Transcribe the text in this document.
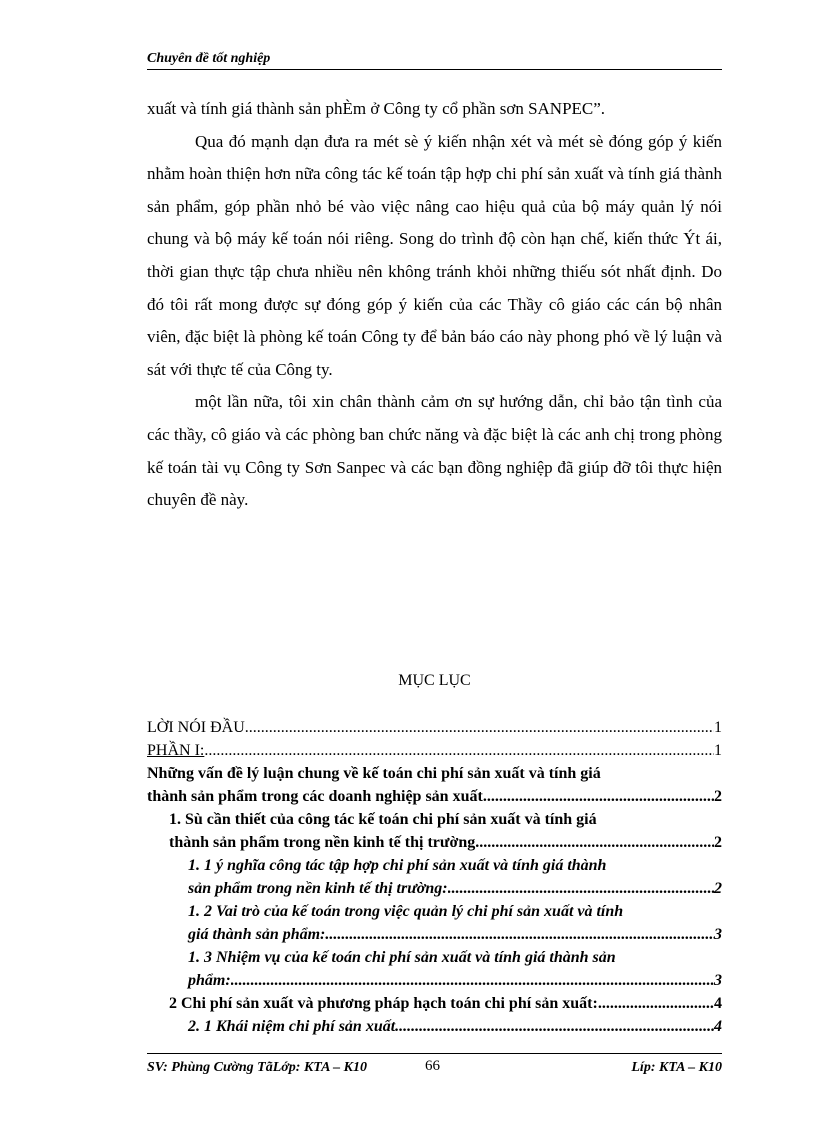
Chuyên đề tốt nghiệp

xuất và tính giá thành sản phÈm ở Công ty cổ phần sơn SANPEC”.

Qua đó mạnh dạn đưa ra mét sè ý kiến nhận xét và mét sè đóng góp ý kiến nhằm hoàn thiện hơn nữa công tác kế toán tập hợp chi phí sản xuất và tính giá thành sản phẩm, góp phần nhỏ bé vào việc nâng cao hiệu quả của bộ máy quản lý nói chung và bộ máy kế toán nói riêng. Song do trình độ còn hạn chế, kiến thức Ýt ái, thời gian thực tập chưa nhiều nên không tránh khỏi những thiếu sót nhất định. Do đó tôi rất mong được sự đóng góp ý kiến của các Thầy cô giáo các cán bộ nhân viên, đặc biệt là phòng kế toán Công ty để bản báo cáo này phong phó về lý luận và sát với thực tế của Công ty.

một lần nữa, tôi xin chân thành cảm ơn sự hướng dẫn, chỉ bảo tận tình của các thầy, cô giáo và các phòng ban chức năng và đặc biệt là các anh chị trong phòng kế toán tài vụ Công ty Sơn Sanpec và các bạn đồng nghiệp đã giúp đỡ tôi thực hiện chuyên đề này.

MỤC LỤC
LỜI NÓI ĐẦU .....	1
PHẦN I: .....	1
Những vấn đề lý luận chung về kế toán chi phí sản xuất và tính giá
thành sản phẩm trong các doanh nghiệp sản xuất .....	2
1. Sù cần thiết của công tác kế toán chi phí sản xuất và tính giá
thành sản phẩm trong nền kinh tế thị trường. .....	2
1. 1 ý nghĩa công tác tập hợp chi phí sản xuất và tính giá thành
sản phẩm trong nền kinh tế thị trường: .....	2
1. 2 Vai trò của kế toán trong việc quản lý chi phí sản xuất và tính
giá thành sản phẩm: .....	3
1. 3 Nhiệm vụ của kế toán chi phí sản xuất và tính giá thành sản
phẩm: .....	3
2 Chi phí sản xuất và phương pháp hạch toán chi phí sản xuất: .....	4
2. 1 Khái niệm chi phí sản xuất .....	4
SV: Phùng Cường TãLớp: KTA – K10	66	Líp: KTA – K10
